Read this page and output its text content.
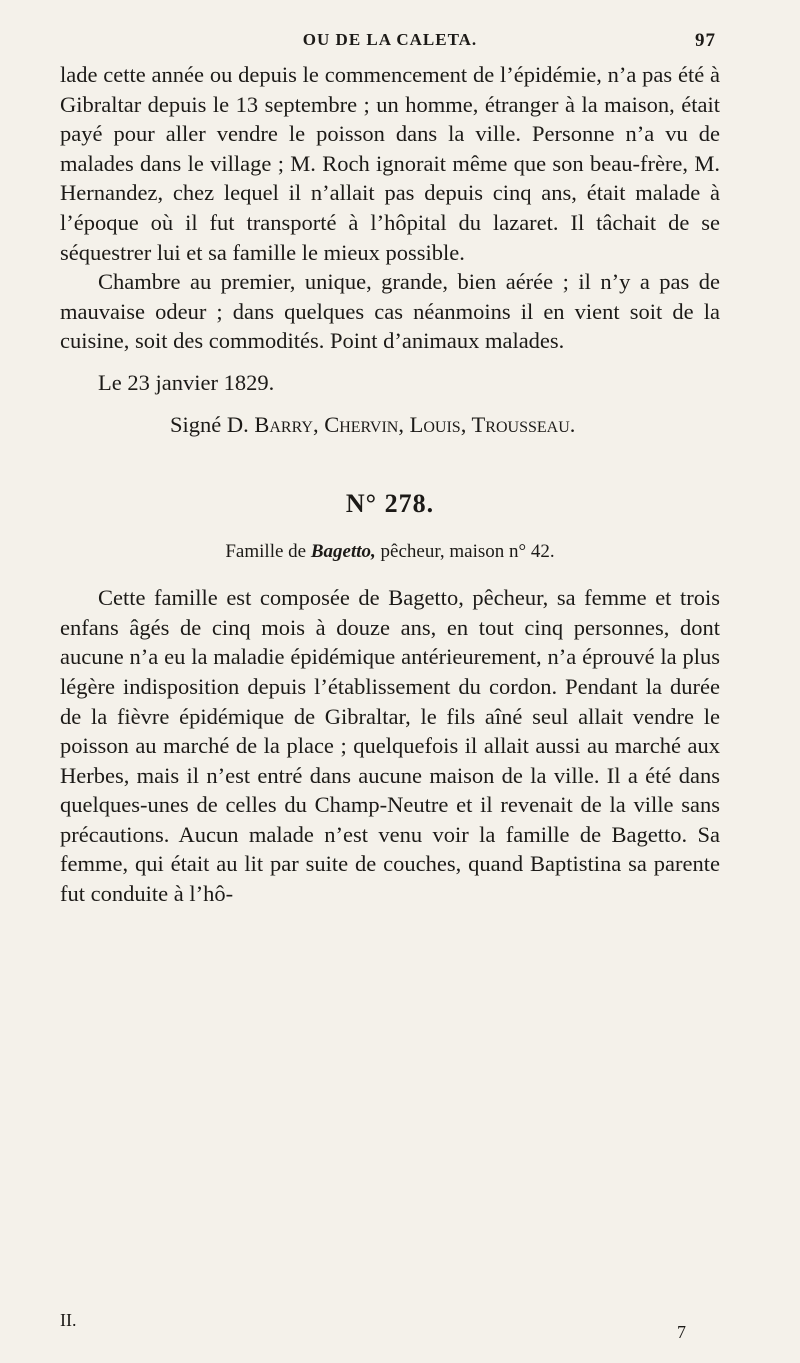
OU DE LA CALETA.	97

lade cette année ou depuis le commencement de l’épidémie, n’a pas été à Gibraltar depuis le 13 septembre ; un homme, étranger à la maison, était payé pour aller vendre le poisson dans la ville. Personne n’a vu de malades dans le village ; M. Roch ignorait même que son beau-frère, M. Hernandez, chez lequel il n’allait pas depuis cinq ans, était malade à l’époque où il fut transporté à l’hôpital du lazaret. Il tâchait de se séquestrer lui et sa famille le mieux possible.

Chambre au premier, unique, grande, bien aérée ; il n’y a pas de mauvaise odeur ; dans quelques cas néanmoins il en vient soit de la cuisine, soit des commodités. Point d’animaux malades.

Le 23 janvier 1829.

Signé D. Barry, Chervin, Louis, Trousseau.

N° 278.
Famille de Bagetto, pêcheur, maison n° 42.

Cette famille est composée de Bagetto, pêcheur, sa femme et trois enfans âgés de cinq mois à douze ans, en tout cinq personnes, dont aucune n’a eu la maladie épidémique antérieurement, n’a éprouvé la plus légère indisposition depuis l’établissement du cordon. Pendant la durée de la fièvre épidémique de Gibraltar, le fils aîné seul allait vendre le poisson au marché de la place ; quelquefois il allait aussi au marché aux Herbes, mais il n’est entré dans aucune maison de la ville. Il a été dans quelques-unes de celles du Champ-Neutre et il revenait de la ville sans précautions. Aucun malade n’est venu voir la famille de Bagetto. Sa femme, qui était au lit par suite de couches, quand Baptistina sa parente fut conduite à l’hô-

II.
7
